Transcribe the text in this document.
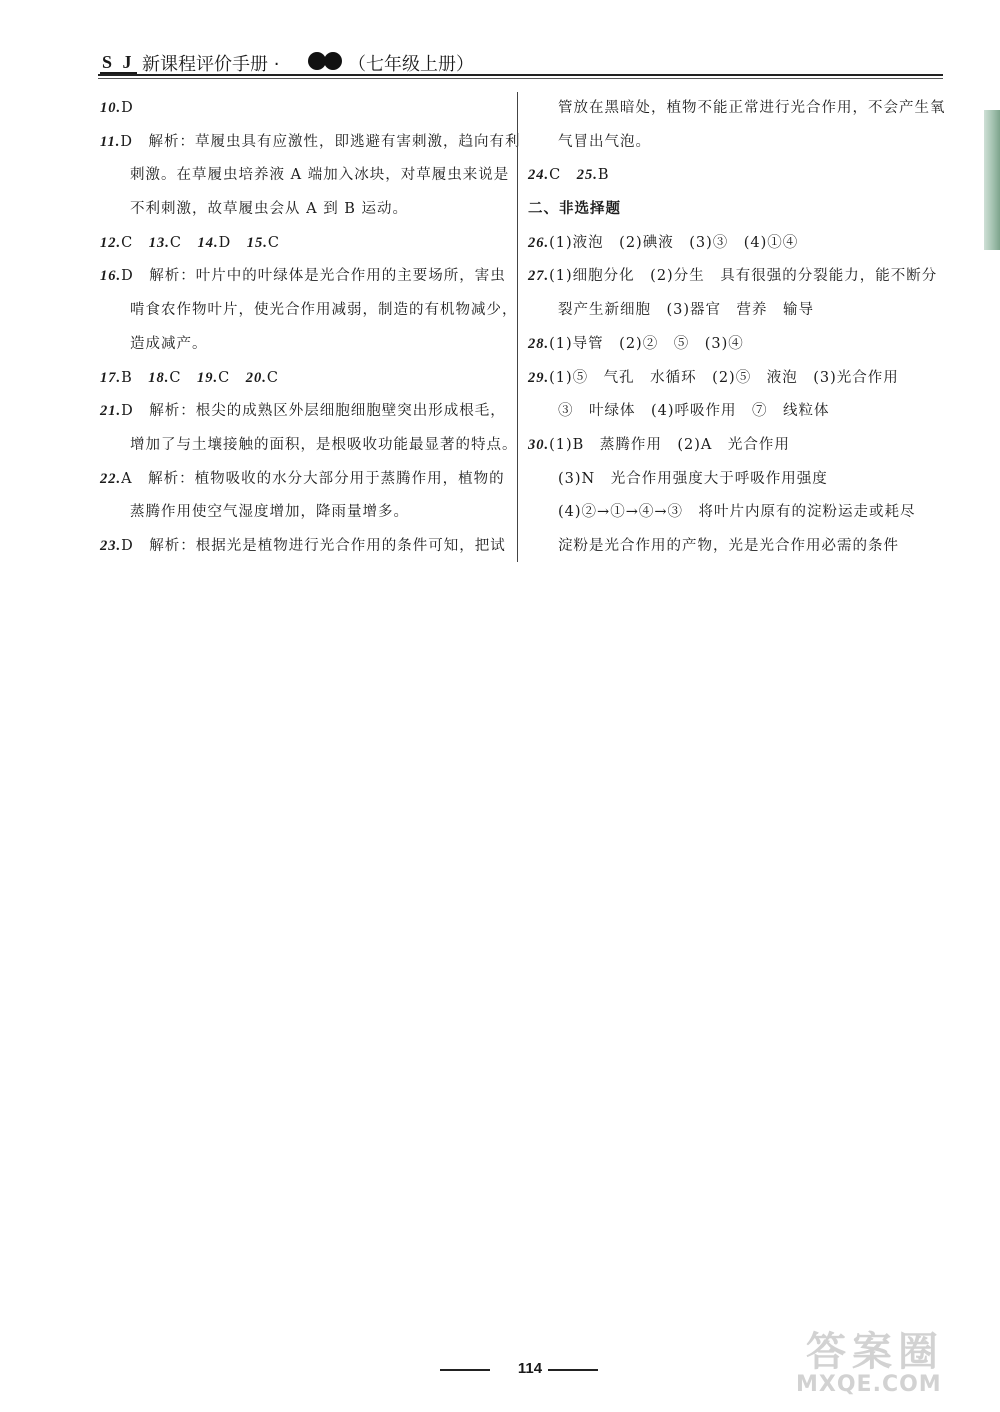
S J 新课程评价手册 ·	（七年级上册）
10.D
11.D　解析：草履虫具有应激性，即逃避有害刺激，趋向有利
刺激。在草履虫培养液 A 端加入冰块，对草履虫来说是
不利刺激，故草履虫会从 A 到 B 运动。
12.C　13.C　14.D　15.C
16.D　解析：叶片中的叶绿体是光合作用的主要场所，害虫
啃食农作物叶片，使光合作用减弱，制造的有机物减少，
造成减产。
17.B　18.C　19.C　20.C
21.D　解析：根尖的成熟区外层细胞细胞壁突出形成根毛，
增加了与土壤接触的面积，是根吸收功能最显著的特点。
22.A　解析：植物吸收的水分大部分用于蒸腾作用，植物的
蒸腾作用使空气湿度增加，降雨量增多。
23.D　解析：根据光是植物进行光合作用的条件可知，把试
管放在黑暗处，植物不能正常进行光合作用，不会产生氧
气冒出气泡。
24.C　25.B
二、非选择题
26.(1)液泡　(2)碘液　(3)③　(4)①④
27.(1)细胞分化　(2)分生　具有很强的分裂能力，能不断分
裂产生新细胞　(3)器官　营养　输导
28.(1)导管　(2)②　⑤　(3)④
29.(1)⑤　气孔　水循环　(2)⑤　液泡　(3)光合作用
③　叶绿体　(4)呼吸作用　⑦　线粒体
30.(1)B　蒸腾作用　(2)A　光合作用
(3)N　光合作用强度大于呼吸作用强度
(4)②→①→④→③　将叶片内原有的淀粉运走或耗尽
淀粉是光合作用的产物，光是光合作用必需的条件
114	答案圈
MXQE.COM
